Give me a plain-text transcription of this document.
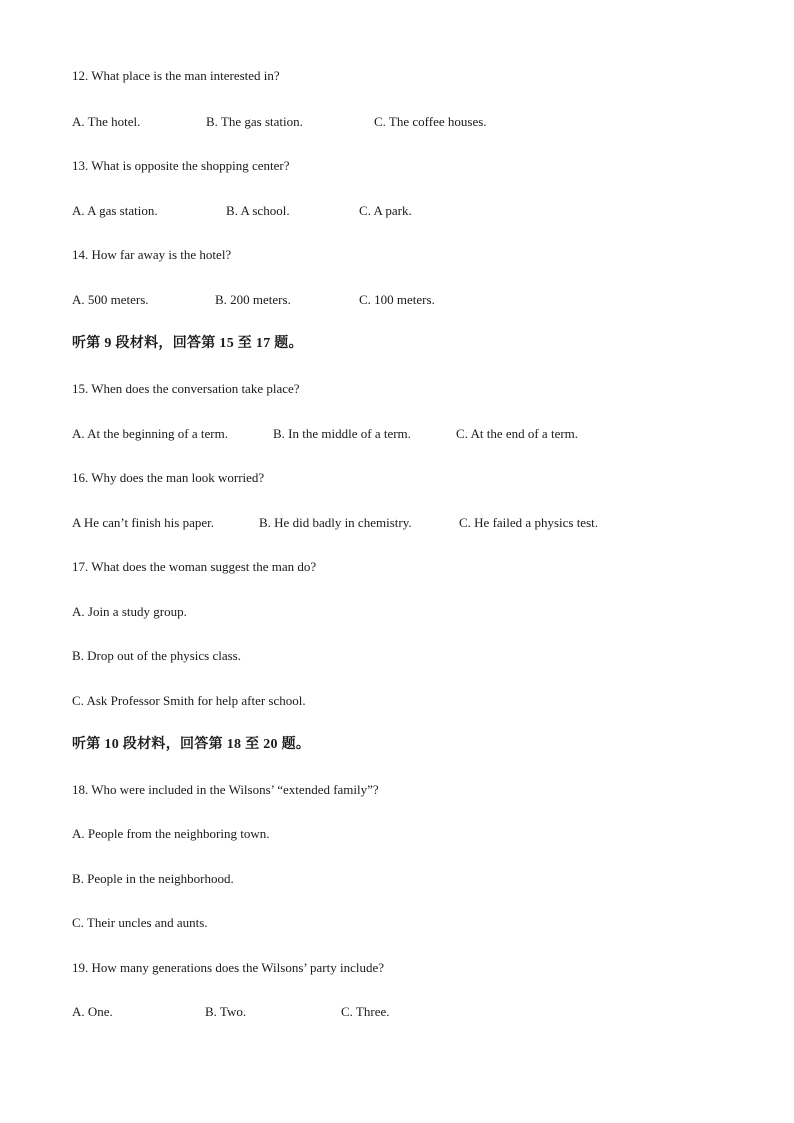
12. What place is the man interested in?
A. The hotel.	B. The gas station.	C. The coffee houses.
13. What is opposite the shopping center?
A. A gas station.	B. A school.	C. A park.
14. How far away is the hotel?
A. 500 meters.	B. 200 meters.	C. 100 meters.
听第 9 段材料，回答第 15 至 17 题。
15. When does the conversation take place?
A. At the beginning of a term.	B. In the middle of a term.	C. At the end of a term.
16. Why does the man look worried?
A He can’t finish his paper.	B. He did badly in chemistry.	C. He failed a physics test.
17. What does the woman suggest the man do?
A. Join a study group.
B. Drop out of the physics class.
C. Ask Professor Smith for help after school.
听第 10 段材料，回答第 18 至 20 题。
18. Who were included in the Wilsons’ “extended family”?
A. People from the neighboring town.
B. People in the neighborhood.
C. Their uncles and aunts.
19. How many generations does the Wilsons’ party include?
A. One.	B. Two.	C. Three.
